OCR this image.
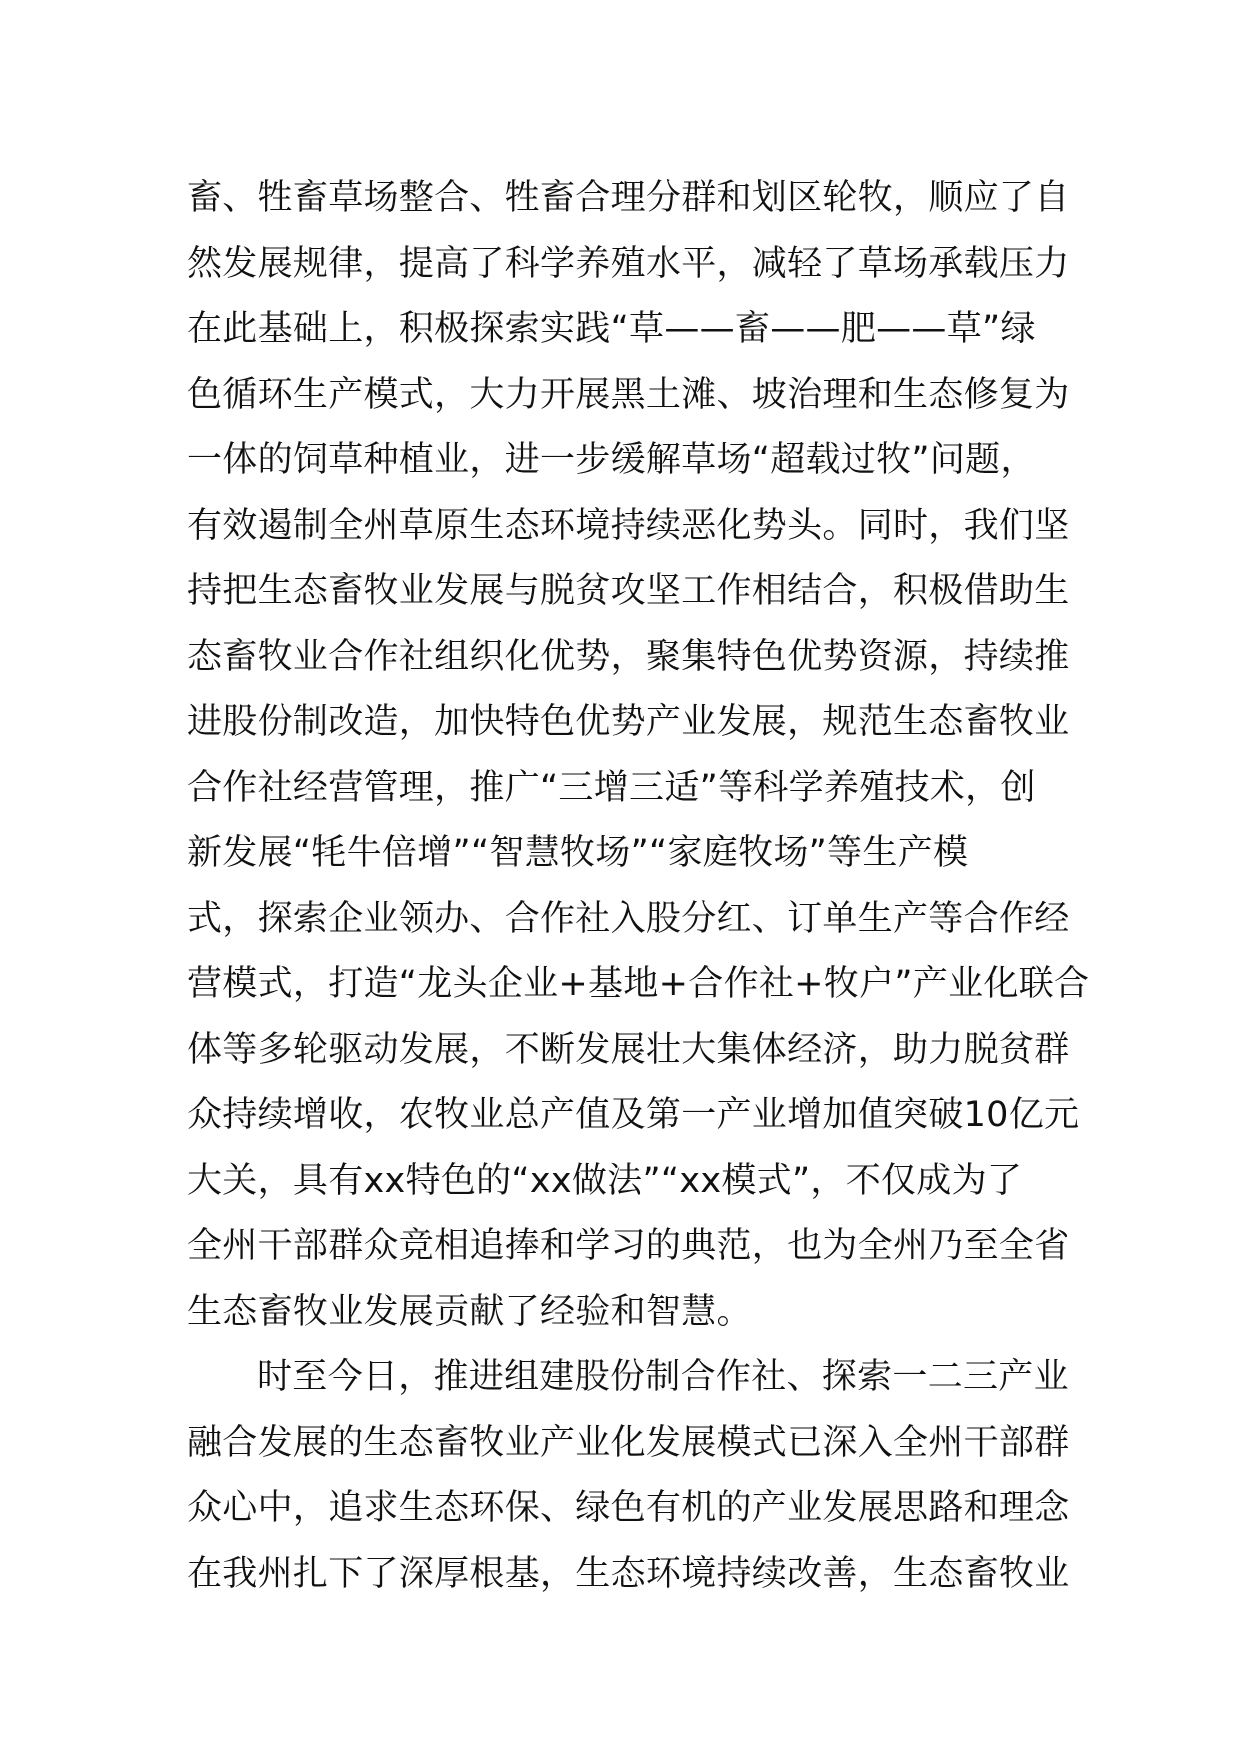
畜、牲畜草场整合、牲畜合理分群和划区轮牧，顺应了自
然发展规律，提高了科学养殖水平，减轻了草场承载压力
在此基础上，积极探索实践“草——畜——肥——草”绿
色循环生产模式，大力开展黑土滩、坡治理和生态修复为
一体的饲草种植业，进一步缓解草场“超载过牧”问题，
有效遏制全州草原生态环境持续恶化势头。同时，我们坚
持把生态畜牧业发展与脱贫攻坚工作相结合，积极借助生
态畜牧业合作社组织化优势，聚集特色优势资源，持续推
进股份制改造，加快特色优势产业发展，规范生态畜牧业
合作社经营管理，推广“三增三适”等科学养殖技术，创
新发展“牦牛倍增”“智慧牧场”“家庭牧场”等生产模
式，探索企业领办、合作社入股分红、订单生产等合作经
营模式，打造“龙头企业+基地+合作社+牧户”产业化联合
体等多轮驱动发展，不断发展壮大集体经济，助力脱贫群
众持续增收，农牧业总产值及第一产业增加值突破10亿元
大关，具有xx特色的“xx做法”“xx模式”，不仅成为了
全州干部群众竞相追捧和学习的典范，也为全州乃至全省
生态畜牧业发展贡献了经验和智慧。
时至今日，推进组建股份制合作社、探索一二三产业
融合发展的生态畜牧业产业化发展模式已深入全州干部群
众心中，追求生态环保、绿色有机的产业发展思路和理念
在我州扎下了深厚根基，生态环境持续改善，生态畜牧业
